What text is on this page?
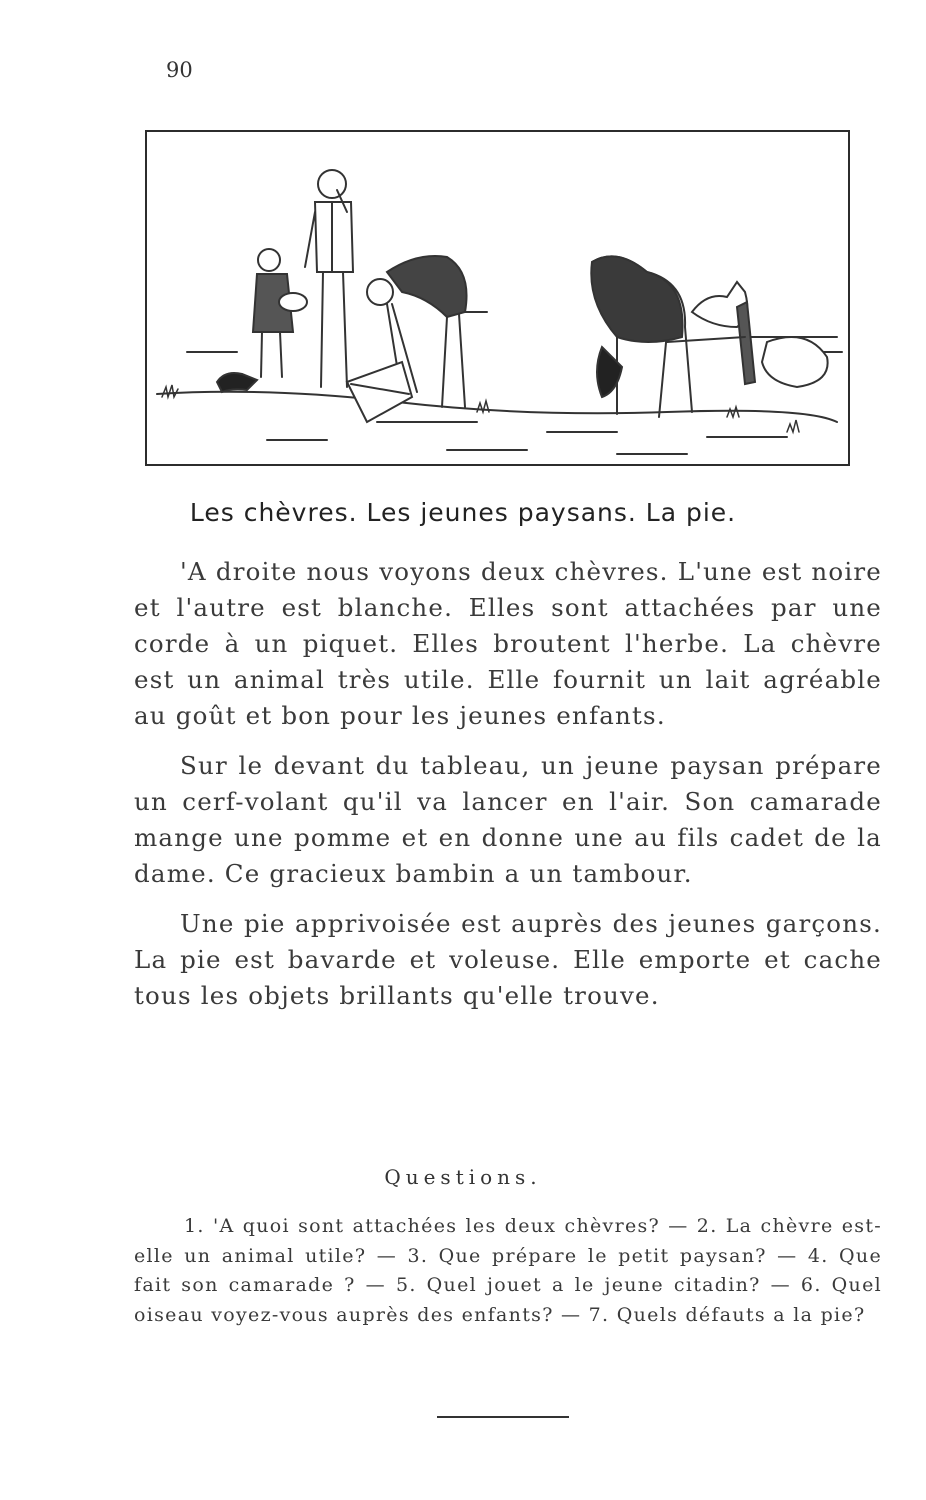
90
Les chèvres. Les jeunes paysans. La pie.

'A droite nous voyons deux chèvres. L'une est noire et l'autre est blanche. Elles sont attachées par une corde à un piquet. Elles broutent l'herbe. La chèvre est un animal très utile. Elle fournit un lait agréable au goût et bon pour les jeunes enfants.

Sur le devant du tableau, un jeune paysan prépare un cerf-volant qu'il va lancer en l'air. Son camarade mange une pomme et en donne une au fils cadet de la dame. Ce gracieux bambin a un tambour.

Une pie apprivoisée est auprès des jeunes garçons. La pie est bavarde et voleuse. Elle emporte et cache tous les objets brillants qu'elle trouve.

Questions.

1. 'A quoi sont attachées les deux chèvres? — 2. La chèvre est-elle un animal utile? — 3. Que prépare le petit paysan? — 4. Que fait son camarade ? — 5. Quel jouet a le jeune citadin? — 6. Quel oiseau voyez-vous auprès des enfants? — 7. Quels défauts a la pie?
